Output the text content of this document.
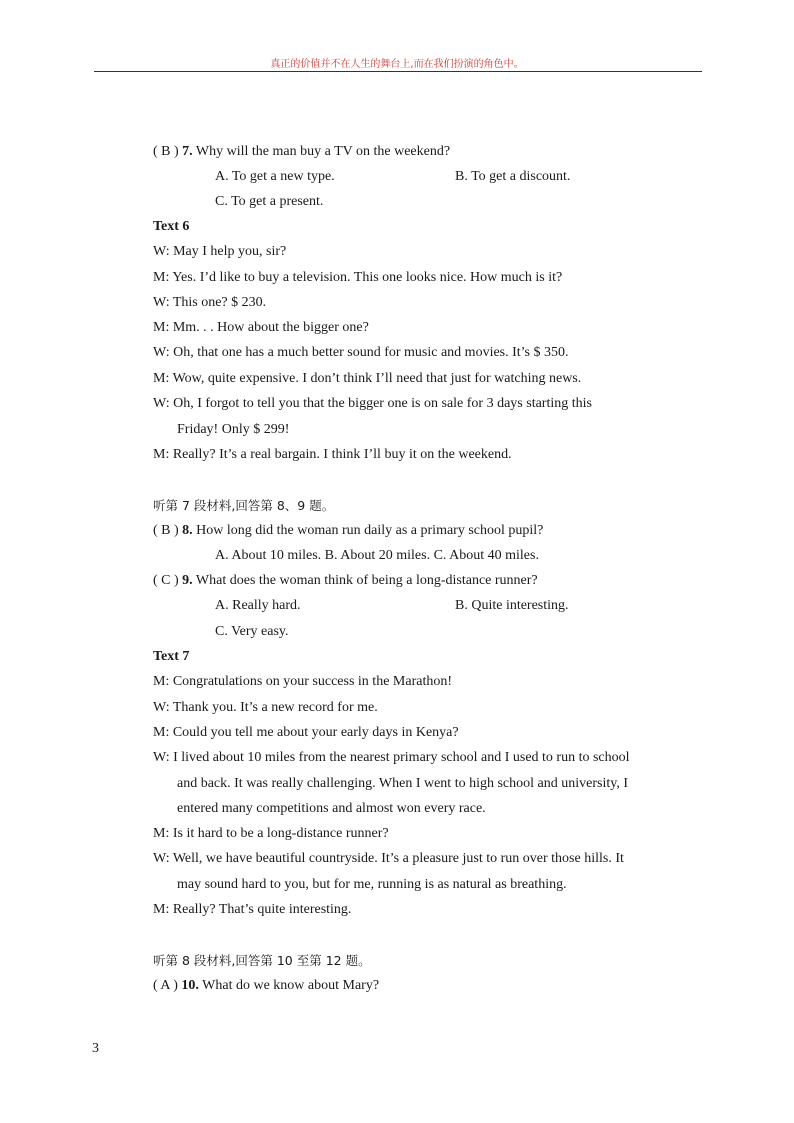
真正的价值并不在人生的舞台上,而在我们扮演的角色中。
( B ) 7. Why will the man buy a TV on the weekend?
A. To get a new type.	B. To get a discount.
C. To get a present.
Text 6
W: May I help you, sir?
M: Yes. I’d like to buy a television. This one looks nice. How much is it?
W: This one? $ 230.
M: Mm. . . How about the bigger one?
W: Oh, that one has a much better sound for music and movies. It’s $ 350.
M: Wow, quite expensive. I don’t think I’ll need that just for watching news.
W: Oh, I forgot to tell you that the bigger one is on sale for 3 days starting this
Friday! Only $ 299!
M: Really? It’s a real bargain. I think I’ll buy it on the weekend.
听第 7 段材料,回答第 8、9 题。
( B ) 8. How long did the woman run daily as a primary school pupil?
A. About 10 miles. B. About 20 miles. C. About 40 miles.
( C ) 9. What does the woman think of being a long-distance runner?
A. Really hard.	B. Quite interesting.
C. Very easy.
Text 7
M: Congratulations on your success in the Marathon!
W: Thank you. It’s a new record for me.
M: Could you tell me about your early days in Kenya?
W: I lived about 10 miles from the nearest primary school and I used to run to school
and back. It was really challenging. When I went to high school and university, I
entered many competitions and almost won every race.
M: Is it hard to be a long-distance runner?
W: Well, we have beautiful countryside. It’s a pleasure just to run over those hills. It
may sound hard to you, but for me, running is as natural as breathing.
M: Really? That’s quite interesting.
听第 8 段材料,回答第 10 至第 12 题。
( A ) 10. What do we know about Mary?
3
